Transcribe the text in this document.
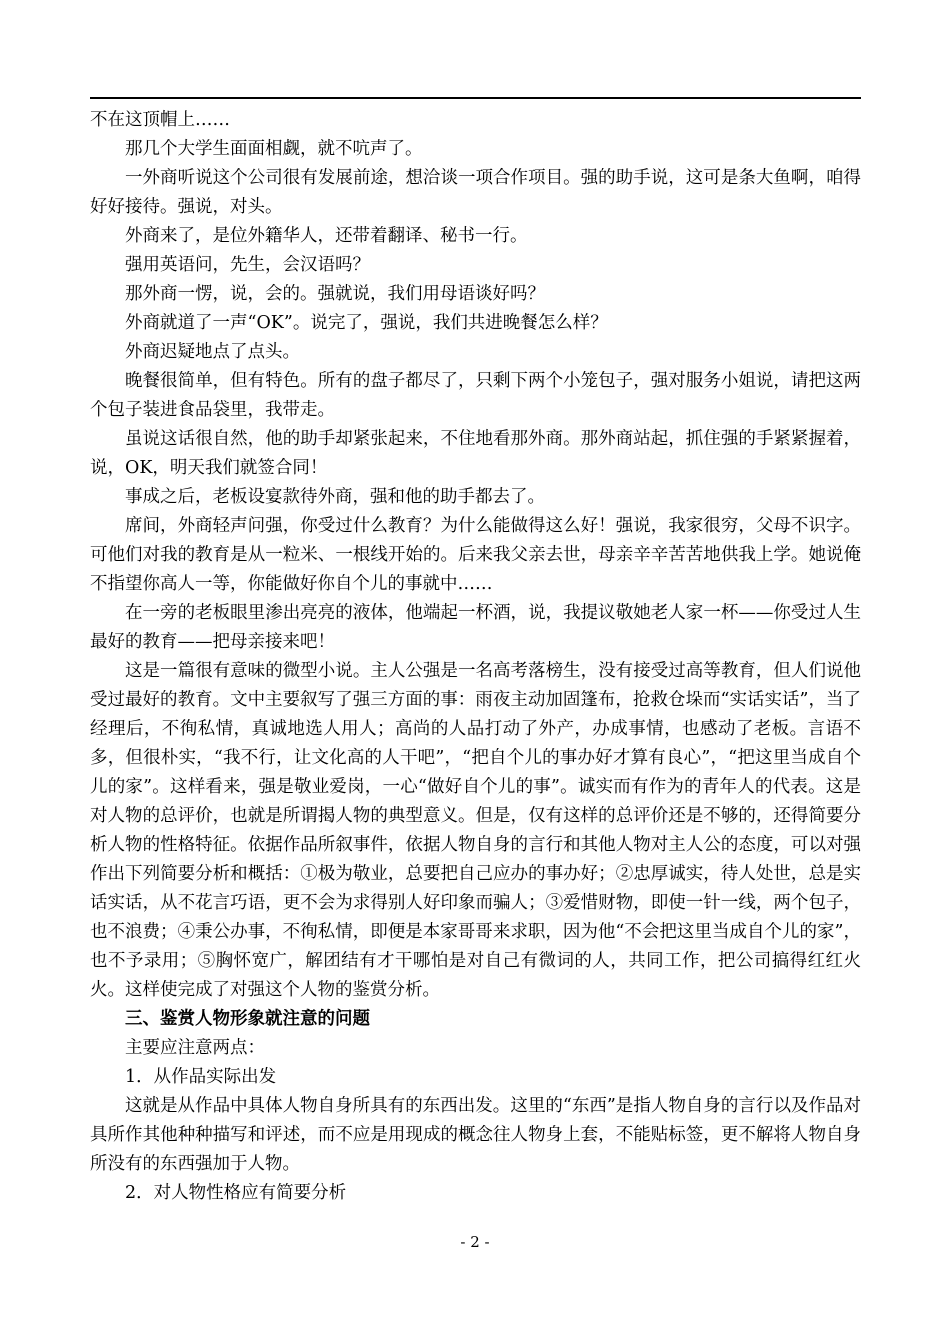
不在这顶帽上……

那几个大学生面面相觑，就不吭声了。

一外商听说这个公司很有发展前途，想洽谈一项合作项目。强的助手说，这可是条大鱼啊，咱得好好接待。强说，对头。

外商来了，是位外籍华人，还带着翻译、秘书一行。

强用英语问，先生，会汉语吗？

那外商一愣，说，会的。强就说，我们用母语谈好吗？

外商就道了一声“OK”。说完了，强说，我们共进晚餐怎么样？

外商迟疑地点了点头。

晚餐很简单，但有特色。所有的盘子都尽了，只剩下两个小笼包子，强对服务小姐说，请把这两个包子装进食品袋里，我带走。

虽说这话很自然，他的助手却紧张起来，不住地看那外商。那外商站起，抓住强的手紧紧握着，说，OK，明天我们就签合同！

事成之后，老板设宴款待外商，强和他的助手都去了。

席间，外商轻声问强，你受过什么教育？为什么能做得这么好！强说，我家很穷，父母不识字。可他们对我的教育是从一粒米、一根线开始的。后来我父亲去世，母亲辛辛苦苦地供我上学。她说俺不指望你高人一等，你能做好你自个儿的事就中……

在一旁的老板眼里渗出亮亮的液体，他端起一杯酒，说，我提议敬她老人家一杯——你受过人生最好的教育——把母亲接来吧！

这是一篇很有意味的微型小说。主人公强是一名高考落榜生，没有接受过高等教育，但人们说他受过最好的教育。文中主要叙写了强三方面的事：雨夜主动加固篷布，抢救仓垛而“实话实话”，当了经理后，不徇私情，真诚地选人用人；高尚的人品打动了外产，办成事情，也感动了老板。言语不多，但很朴实，“我不行，让文化高的人干吧”，“把自个儿的事办好才算有良心”，“把这里当成自个儿的家”。这样看来，强是敬业爱岗，一心“做好自个儿的事”。诚实而有作为的青年人的代表。这是对人物的总评价，也就是所谓揭人物的典型意义。但是，仅有这样的总评价还是不够的，还得简要分析人物的性格特征。依据作品所叙事件，依据人物自身的言行和其他人物对主人公的态度，可以对强作出下列简要分析和概括：①极为敬业，总要把自己应办的事办好；②忠厚诚实，待人处世，总是实话实话，从不花言巧语，更不会为求得别人好印象而骗人；③爱惜财物，即使一针一线，两个包子，也不浪费；④秉公办事，不徇私情，即便是本家哥哥来求职，因为他“不会把这里当成自个儿的家”，也不予录用；⑤胸怀宽广，解团结有才干哪怕是对自己有微词的人，共同工作，把公司搞得红红火火。这样使完成了对强这个人物的鉴赏分析。

三、鉴赏人物形象就注意的问题

主要应注意两点：

1．从作品实际出发

这就是从作品中具体人物自身所具有的东西出发。这里的“东西”是指人物自身的言行以及作品对具所作其他种种描写和评述，而不应是用现成的概念往人物身上套，不能贴标签，更不解将人物自身所没有的东西强加于人物。

2．对人物性格应有简要分析

- 2 -
